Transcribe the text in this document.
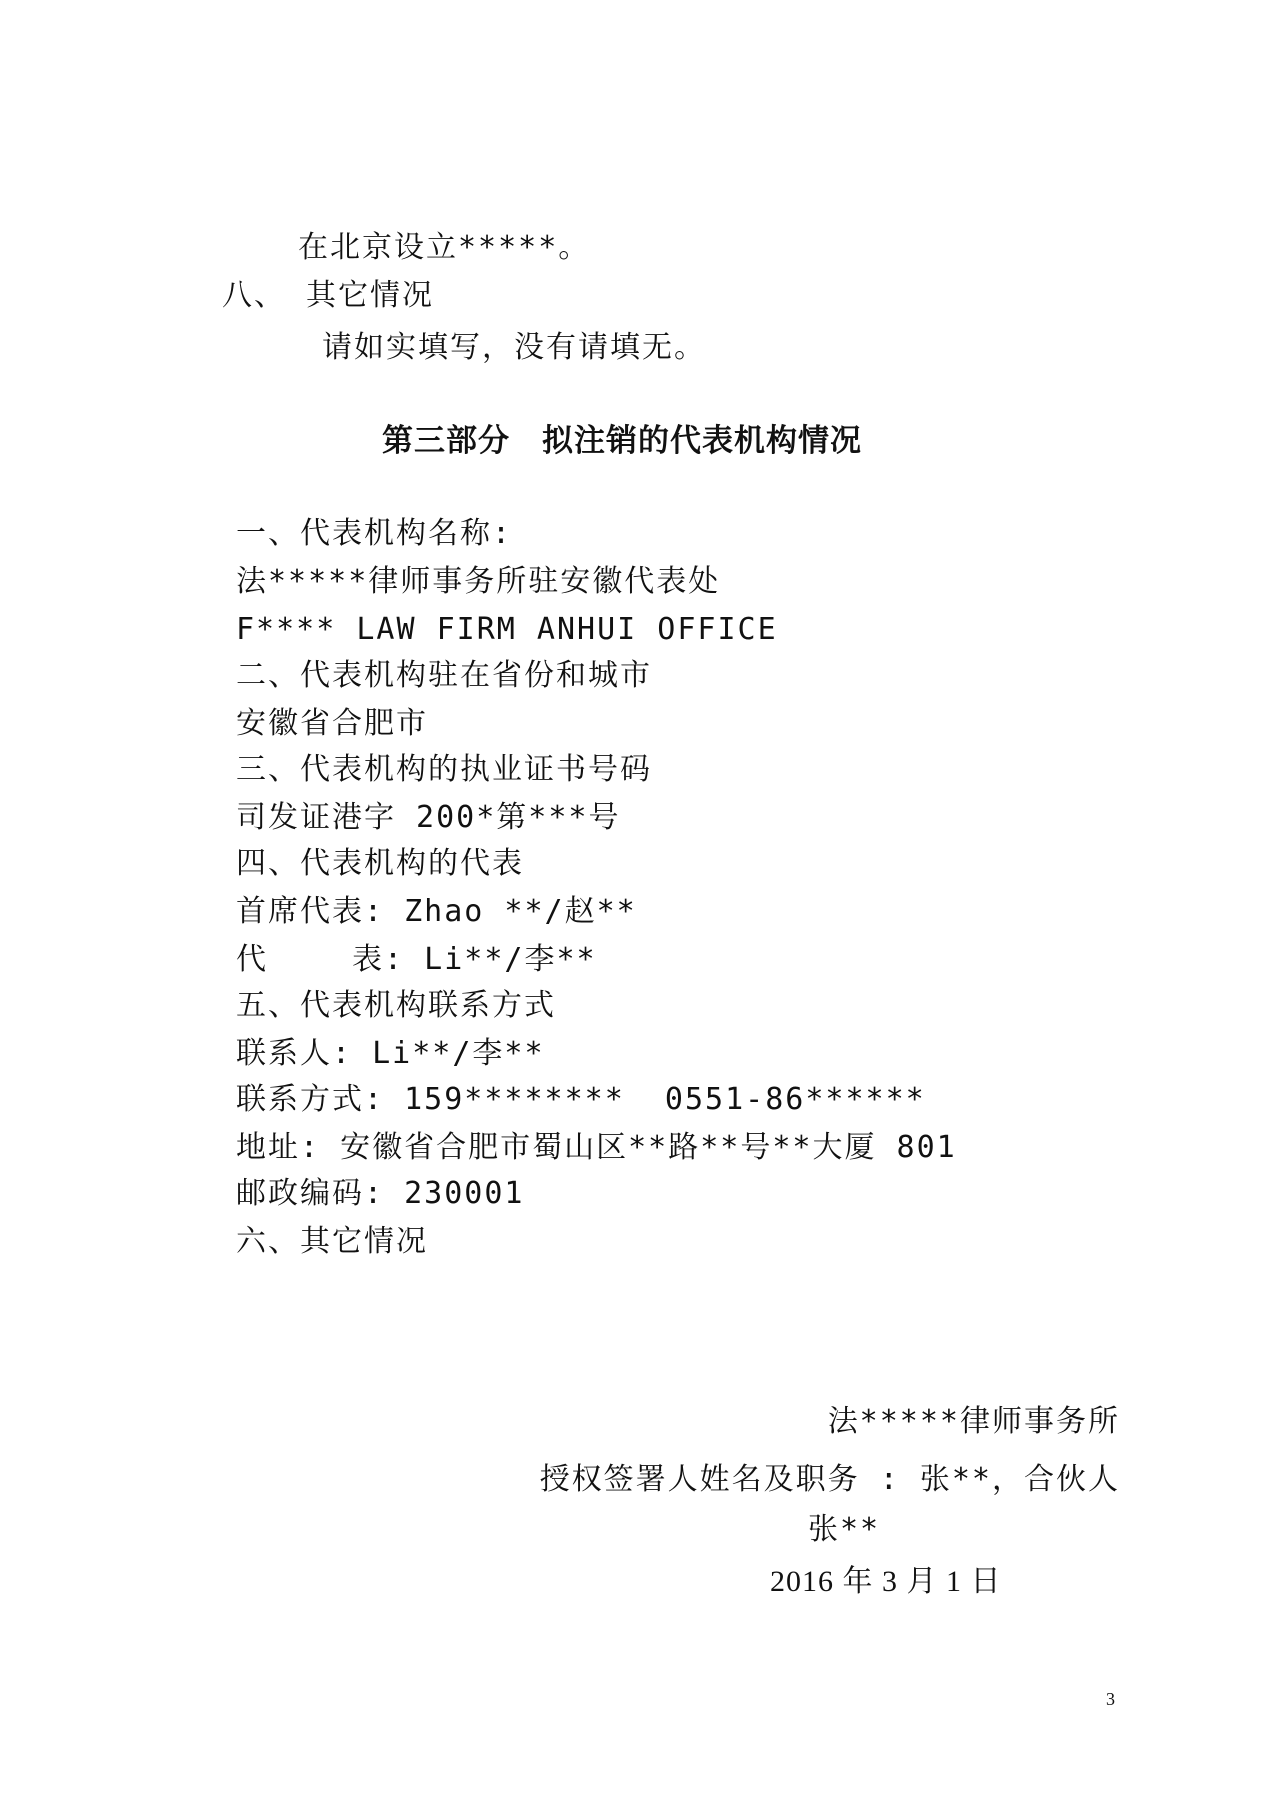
在北京设立*****。

八、 其它情况

请如实填写，没有请填无。

第三部分　拟注销的代表机构情况

一、代表机构名称:

法*****律师事务所驻安徽代表处

F**** LAW FIRM ANHUI OFFICE

二、代表机构驻在省份和城市

安徽省合肥市

三、代表机构的执业证书号码

司发证港字 200*第***号

四、代表机构的代表

首席代表: Zhao **/赵**

代　　 表: Li**/李**

五、代表机构联系方式

联系人: Li**/李**

联系方式: 159********  0551-86******

地址: 安徽省合肥市蜀山区**路**号**大厦 801

邮政编码: 230001

六、其它情况

法*****律师事务所

授权签署人姓名及职务 : 张**，合伙人

张**

2016 年 3 月 1 日

3
